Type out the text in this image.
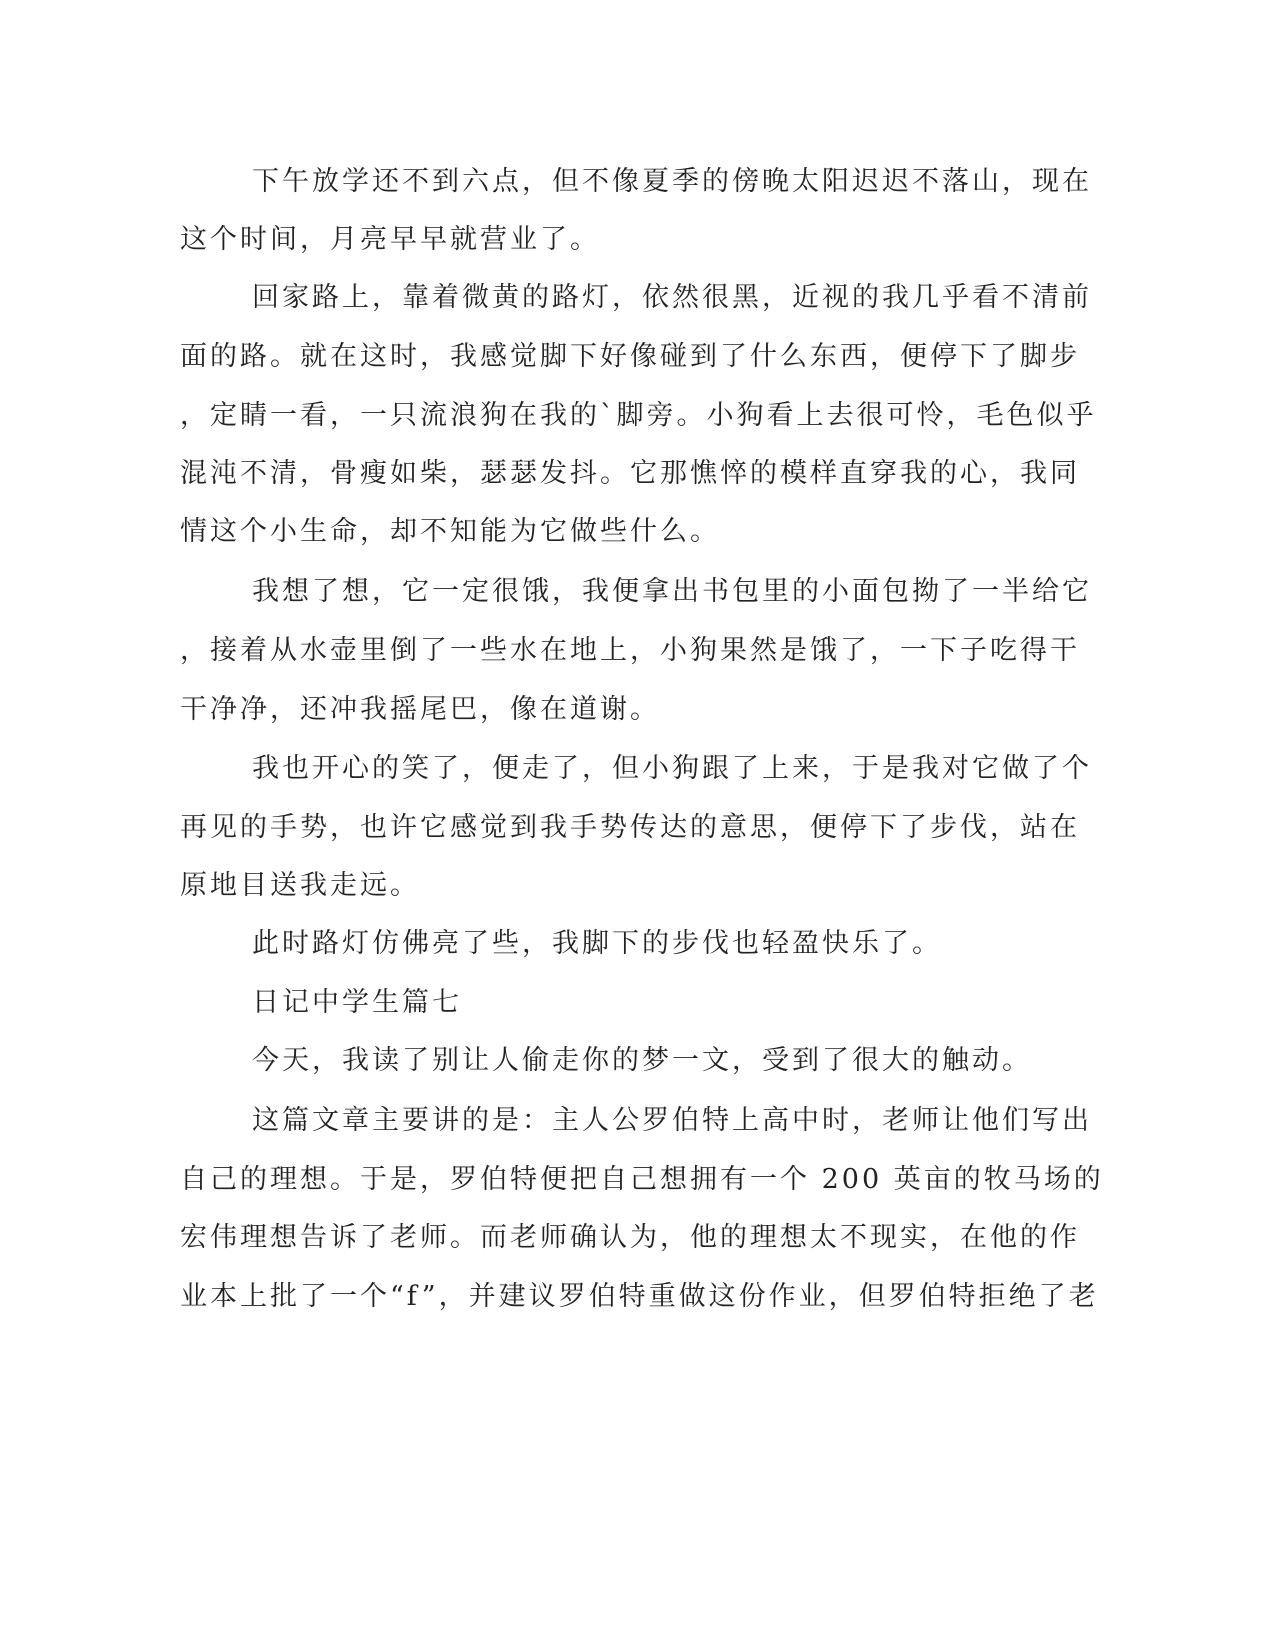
下午放学还不到六点，但不像夏季的傍晚太阳迟迟不落山，现在
这个时间，月亮早早就营业了。
回家路上，靠着微黄的路灯，依然很黑，近视的我几乎看不清前
面的路。就在这时，我感觉脚下好像碰到了什么东西，便停下了脚步
，定睛一看，一只流浪狗在我的`脚旁。小狗看上去很可怜，毛色似乎
混沌不清，骨瘦如柴，瑟瑟发抖。它那憔悴的模样直穿我的心，我同
情这个小生命，却不知能为它做些什么。
我想了想，它一定很饿，我便拿出书包里的小面包拗了一半给它
，接着从水壶里倒了一些水在地上，小狗果然是饿了，一下子吃得干
干净净，还冲我摇尾巴，像在道谢。
我也开心的笑了，便走了，但小狗跟了上来，于是我对它做了个
再见的手势，也许它感觉到我手势传达的意思，便停下了步伐，站在
原地目送我走远。
此时路灯仿佛亮了些，我脚下的步伐也轻盈快乐了。
日记中学生篇七
今天，我读了别让人偷走你的梦一文，受到了很大的触动。
这篇文章主要讲的是：主人公罗伯特上高中时，老师让他们写出
自己的理想。于是，罗伯特便把自己想拥有一个 200 英亩的牧马场的
宏伟理想告诉了老师。而老师确认为，他的理想太不现实，在他的作
业本上批了一个“f”，并建议罗伯特重做这份作业，但罗伯特拒绝了老
